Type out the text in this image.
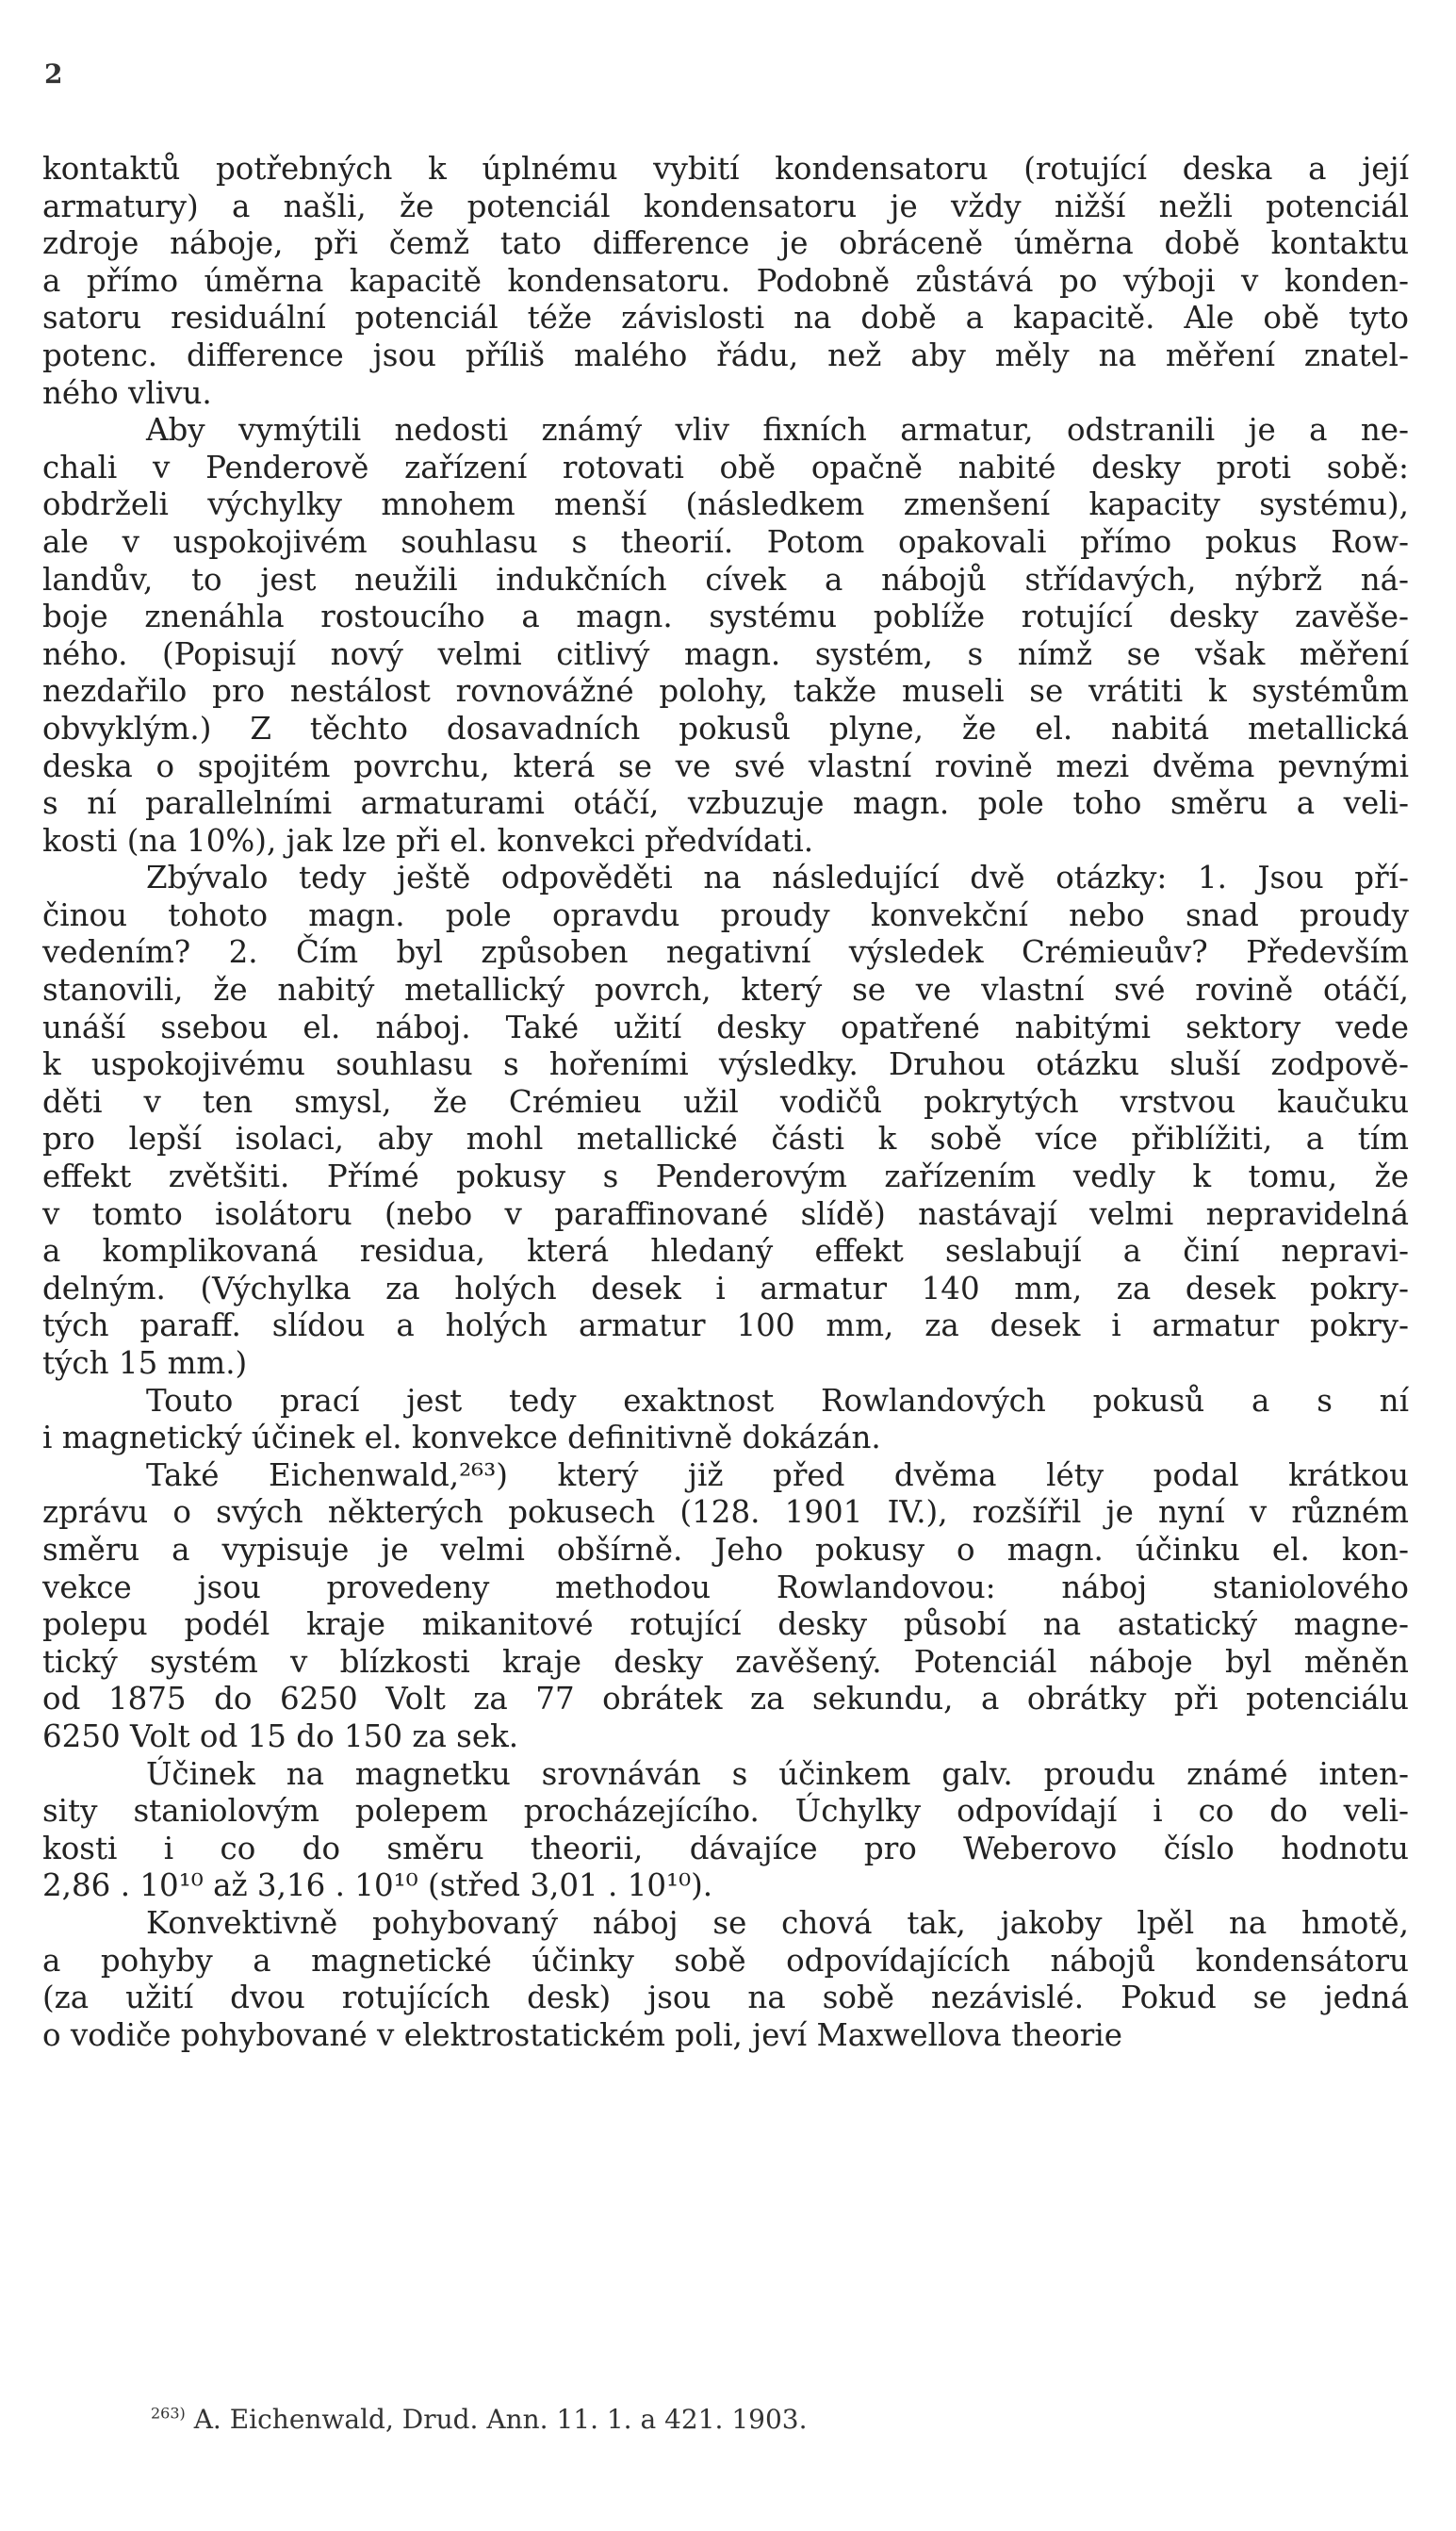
2
kontaktů potřebných k úplnému vybití kondensatoru (rotující deska a její
armatury) a našli, že potenciál kondensatoru je vždy nižší nežli potenciál
zdroje náboje, při čemž tato difference je obráceně úměrna době kontaktu
a přímo úměrna kapacitě kondensatoru. Podobně zůstává po výboji v konden-
satoru residuální potenciál téže závislosti na době a kapacitě. Ale obě tyto
potenc. difference jsou příliš malého řádu, než aby měly na měření znatel-
ného vlivu.
Aby vymýtili nedosti známý vliv fixních armatur, odstranili je a ne-
chali v Penderově zařízení rotovati obě opačně nabité desky proti sobě:
obdrželi výchylky mnohem menší (následkem zmenšení kapacity systému),
ale v uspokojivém souhlasu s theorií. Potom opakovali přímo pokus Row-
landův, to jest neužili indukčních cívek a nábojů střídavých, nýbrž ná-
boje znenáhla rostoucího a magn. systému poblíže rotující desky zavěše-
ného. (Popisují nový velmi citlivý magn. systém, s nímž se však měření
nezdařilo pro nestálost rovnovážné polohy, takže museli se vrátiti k systémům
obvyklým.) Z těchto dosavadních pokusů plyne, že el. nabitá metallická
deska o spojitém povrchu, která se ve své vlastní rovině mezi dvěma pevnými
s ní parallelními armaturami otáčí, vzbuzuje magn. pole toho směru a veli-
kosti (na 10%), jak lze při el. konvekci předvídati.
Zbývalo tedy ještě odpověděti na následující dvě otázky: 1. Jsou pří-
činou tohoto magn. pole opravdu proudy konvekční nebo snad proudy
vedením? 2. Čím byl způsoben negativní výsledek Crémieuův? Především
stanovili, že nabitý metallický povrch, který se ve vlastní své rovině otáčí,
unáší ssebou el. náboj. Také užití desky opatřené nabitými sektory vede
k uspokojivému souhlasu s hořeními výsledky. Druhou otázku sluší zodpově-
děti v ten smysl, že Crémieu užil vodičů pokrytých vrstvou kaučuku
pro lepší isolaci, aby mohl metallické části k sobě více přiblížiti, a tím
effekt zvětšiti. Přímé pokusy s Penderovým zařízením vedly k tomu, že
v tomto isolátoru (nebo v paraffinované slídě) nastávají velmi nepravidelná
a komplikovaná residua, která hledaný effekt seslabují a činí nepravi-
delným. (Výchylka za holých desek i armatur 140 mm, za desek pokry-
tých paraff. slídou a holých armatur 100 mm, za desek i armatur pokry-
tých 15 mm.)
Touto prací jest tedy exaktnost Rowlandových pokusů a s ní
i magnetický účinek el. konvekce definitivně dokázán.
Také Eichenwald,²⁶³) který již před dvěma léty podal krátkou
zprávu o svých některých pokusech (128. 1901 IV.), rozšířil je nyní v různém
směru a vypisuje je velmi obšírně. Jeho pokusy o magn. účinku el. kon-
vekce jsou provedeny methodou Rowlandovou: náboj staniolového
polepu podél kraje mikanitové rotující desky působí na astatický magne-
tický systém v blízkosti kraje desky zavěšený. Potenciál náboje byl měněn
od 1875 do 6250 Volt za 77 obrátek za sekundu, a obrátky při potenciálu
6250 Volt od 15 do 150 za sek.
Účinek na magnetku srovnáván s účinkem galv. proudu známé inten-
sity staniolovým polepem procházejícího. Úchylky odpovídají i co do veli-
kosti i co do směru theorii, dávajíce pro Weberovo číslo hodnotu
2,86 . 10¹⁰ až 3,16 . 10¹⁰ (střed 3,01 . 10¹⁰).
Konvektivně pohybovaný náboj se chová tak, jakoby lpěl na hmotě,
a pohyby a magnetické účinky sobě odpovídajících nábojů kondensátoru
(za užití dvou rotujících desk) jsou na sobě nezávislé. Pokud se jedná
o vodiče pohybované v elektrostatickém poli, jeví Maxwellova theorie
$^{263)}$ A. Eichenwald, Drud. Ann. 11. 1. a 421. 1903.
